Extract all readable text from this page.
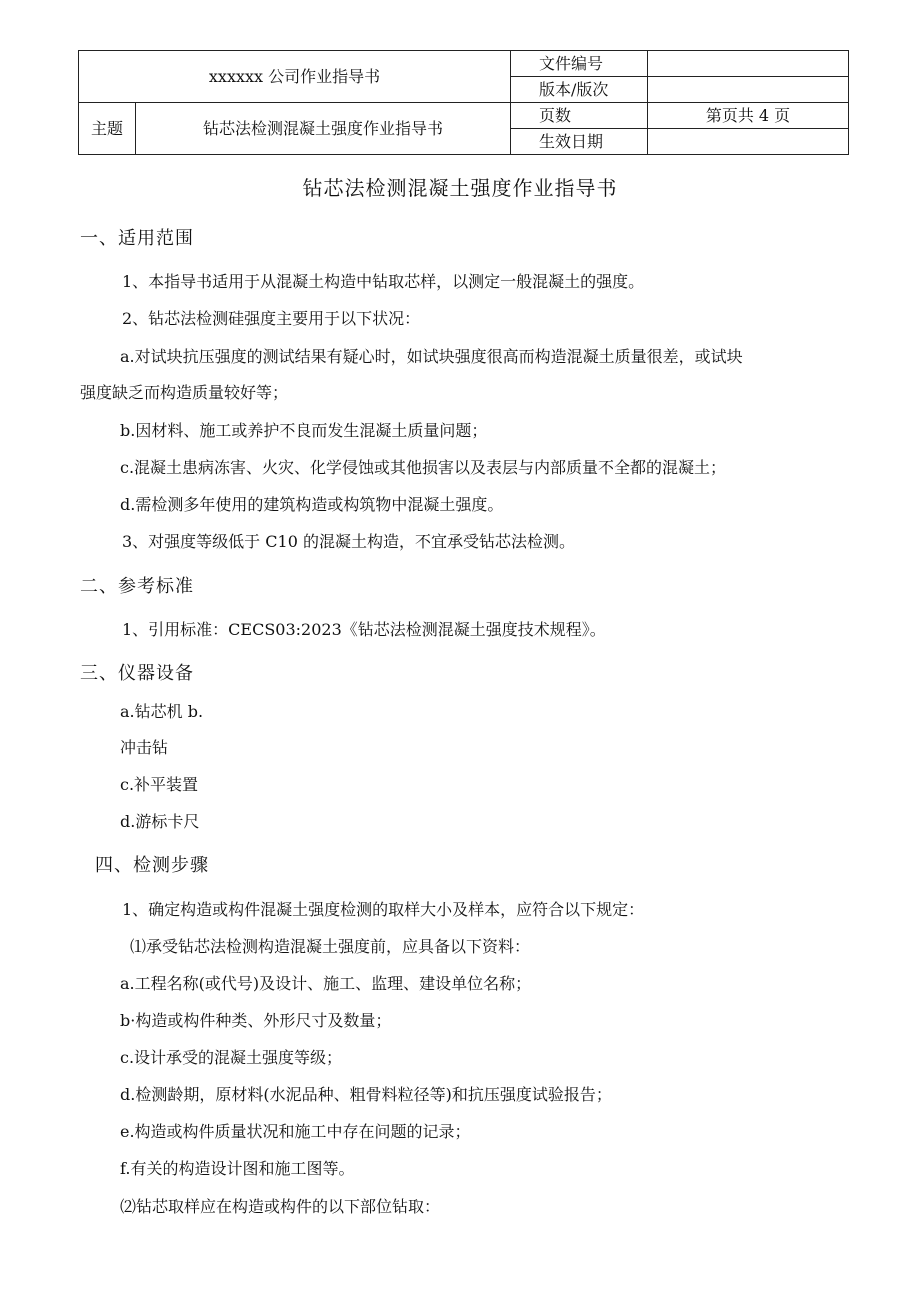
xxxxxx 公司作业指导书		文件编号	
		版本/版次	
主题	钻芯法检测混凝土强度作业指导书	页数	第页共 4 页
		生效日期	
钻芯法检测混凝土强度作业指导书
一、适用范围
1、本指导书适用于从混凝土构造中钻取芯样，以测定一般混凝土的强度。
2、钻芯法检测硅强度主要用于以下状况：
a.对试块抗压强度的测试结果有疑心时，如试块强度很高而构造混凝土质量很差，或试块
强度缺乏而构造质量较好等；
b.因材料、施工或养护不良而发生混凝土质量问题；
c.混凝土患病冻害、火灾、化学侵蚀或其他损害以及表层与内部质量不全都的混凝土；
d.需检测多年使用的建筑构造或构筑物中混凝土强度。
3、对强度等级低于 C10 的混凝土构造，不宜承受钻芯法检测。
二、参考标准
1、引用标准：CECS03:2023《钻芯法检测混凝土强度技术规程》。
三、仪器设备
a.钻芯机 b.
冲击钻
c.补平装置
d.游标卡尺
四、检测步骤
1、确定构造或构件混凝土强度检测的取样大小及样本，应符合以下规定：
⑴承受钻芯法检测构造混凝土强度前，应具备以下资料：
a.工程名称(或代号)及设计、施工、监理、建设单位名称；
b·构造或构件种类、外形尺寸及数量；
c.设计承受的混凝土强度等级；
d.检测龄期，原材料(水泥品种、粗骨料粒径等)和抗压强度试验报告；
e.构造或构件质量状况和施工中存在问题的记录；
f.有关的构造设计图和施工图等。
⑵钻芯取样应在构造或构件的以下部位钻取：
